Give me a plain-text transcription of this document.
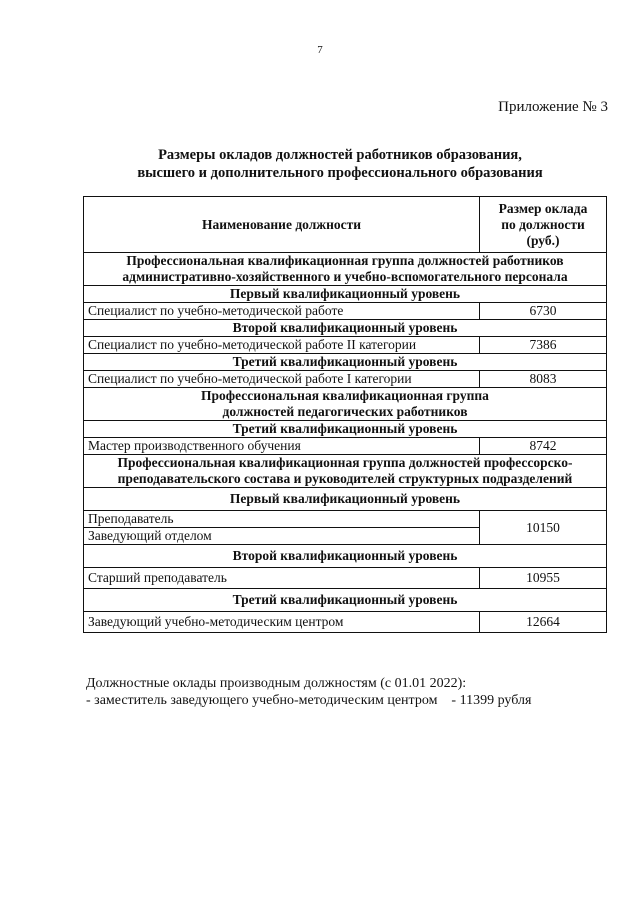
7
Приложение № 3
Размеры окладов должностей работников образования,
высшего и дополнительного профессионального образования
Наименование должности	Размер оклада
по должности
(руб.)

Профессиональная квалификационная группа должностей работников
административно-хозяйственного и учебно-вспомогательного персонала	

Первый квалификационный уровень	
Специалист по учебно-методической работе	6730
Второй квалификационный уровень	
Специалист по учебно-методической работе II категории	7386
Третий квалификационный уровень	
Специалист по учебно-методической работе I категории	8083

Профессиональная квалификационная группа
должностей педагогических работников	

Третий квалификационный уровень	
Мастер производственного обучения	8742

Профессиональная квалификационная группа должностей профессорско-
преподавательского состава и руководителей структурных подразделений	

Первый квалификационный уровень	
Преподаватель	10150
Заведующий отделом	
Второй квалификационный уровень	
Старший преподаватель	10955
Третий квалификационный уровень	
Заведующий учебно-методическим центром	12664
Должностные оклады производным должностям (с 01.01 2022):
- заместитель заведующего учебно-методическим центром    - 11399 рубля
